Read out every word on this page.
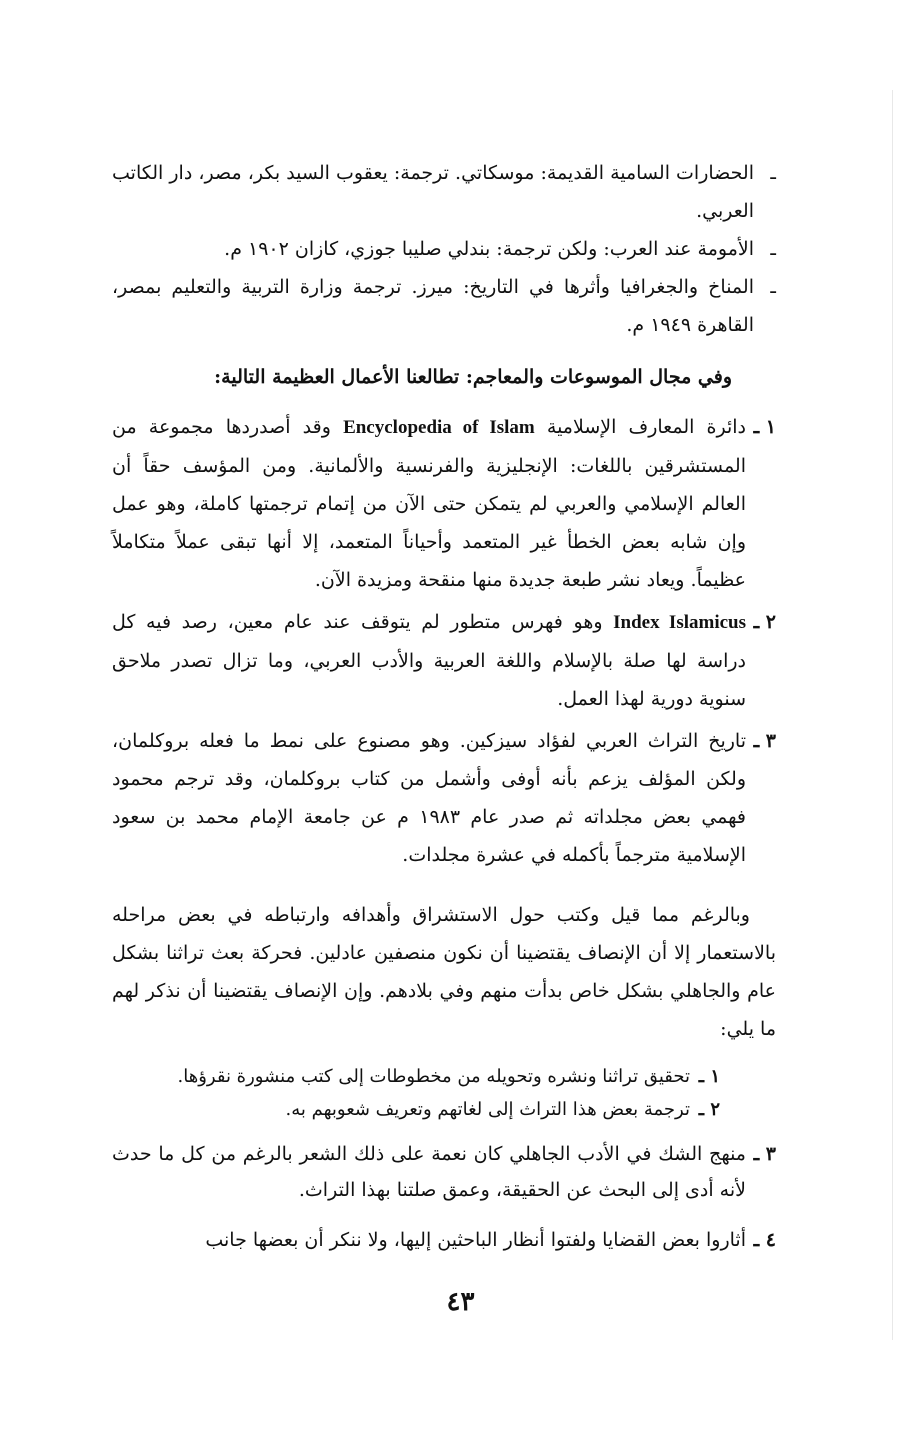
ـ
الحضارات السامية القديمة: موسكاتي. ترجمة: يعقوب السيد بكر، مصر، دار الكاتب العربي.
ـ
الأمومة عند العرب: ولكن ترجمة: بندلي صليبا جوزي، كازان ١٩٠٢ م.
ـ
المناخ والجغرافيا وأثرها في التاريخ: ميرز. ترجمة وزارة التربية والتعليم بمصر، القاهرة ١٩٤٩ م.
وفي مجال الموسوعات والمعاجم: تطالعنا الأعمال العظيمة التالية:
١ ـ
دائرة المعارف الإسلامية Encyclopedia of Islam وقد أصدردها مجموعة من المستشرقين باللغات: الإنجليزية والفرنسية والألمانية. ومن المؤسف حقاً أن العالم الإسلامي والعربي لم يتمكن حتى الآن من إتمام ترجمتها كاملة، وهو عمل وإن شابه بعض الخطأ غير المتعمد وأحياناً المتعمد، إلا أنها تبقى عملاً متكاملاً عظيماً. ويعاد نشر طبعة جديدة منها منقحة ومزيدة الآن.
٢ ـ
Index Islamicus وهو فهرس متطور لم يتوقف عند عام معين، رصد فيه كل دراسة لها صلة بالإسلام واللغة العربية والأدب العربي، وما تزال تصدر ملاحق سنوية دورية لهذا العمل.
٣ ـ
تاريخ التراث العربي لفؤاد سيزكين. وهو مصنوع على نمط ما فعله بروكلمان، ولكن المؤلف يزعم بأنه أوفى وأشمل من كتاب بروكلمان، وقد ترجم محمود فهمي بعض مجلداته ثم صدر عام ١٩٨٣ م عن جامعة الإمام محمد بن سعود الإسلامية مترجماً بأكمله في عشرة مجلدات.
وبالرغم مما قيل وكتب حول الاستشراق وأهدافه وارتباطه في بعض مراحله بالاستعمار إلا أن الإنصاف يقتضينا أن نكون منصفين عادلين. فحركة بعث تراثنا بشكل عام والجاهلي بشكل خاص بدأت منهم وفي بلادهم. وإن الإنصاف يقتضينا أن نذكر لهم ما يلي:
١ ـ
تحقيق تراثنا ونشره وتحويله من مخطوطات إلى كتب منشورة نقرؤها.
٢ ـ
ترجمة بعض هذا التراث إلى لغاتهم وتعريف شعوبهم به.
٣ ـ
منهج الشك في الأدب الجاهلي كان نعمة على ذلك الشعر بالرغم من كل ما حدث لأنه أدى إلى البحث عن الحقيقة، وعمق صلتنا بهذا التراث.
٤ ـ
أثاروا بعض القضايا ولفتوا أنظار الباحثين إليها، ولا ننكر أن بعضها جانب
٤٣
